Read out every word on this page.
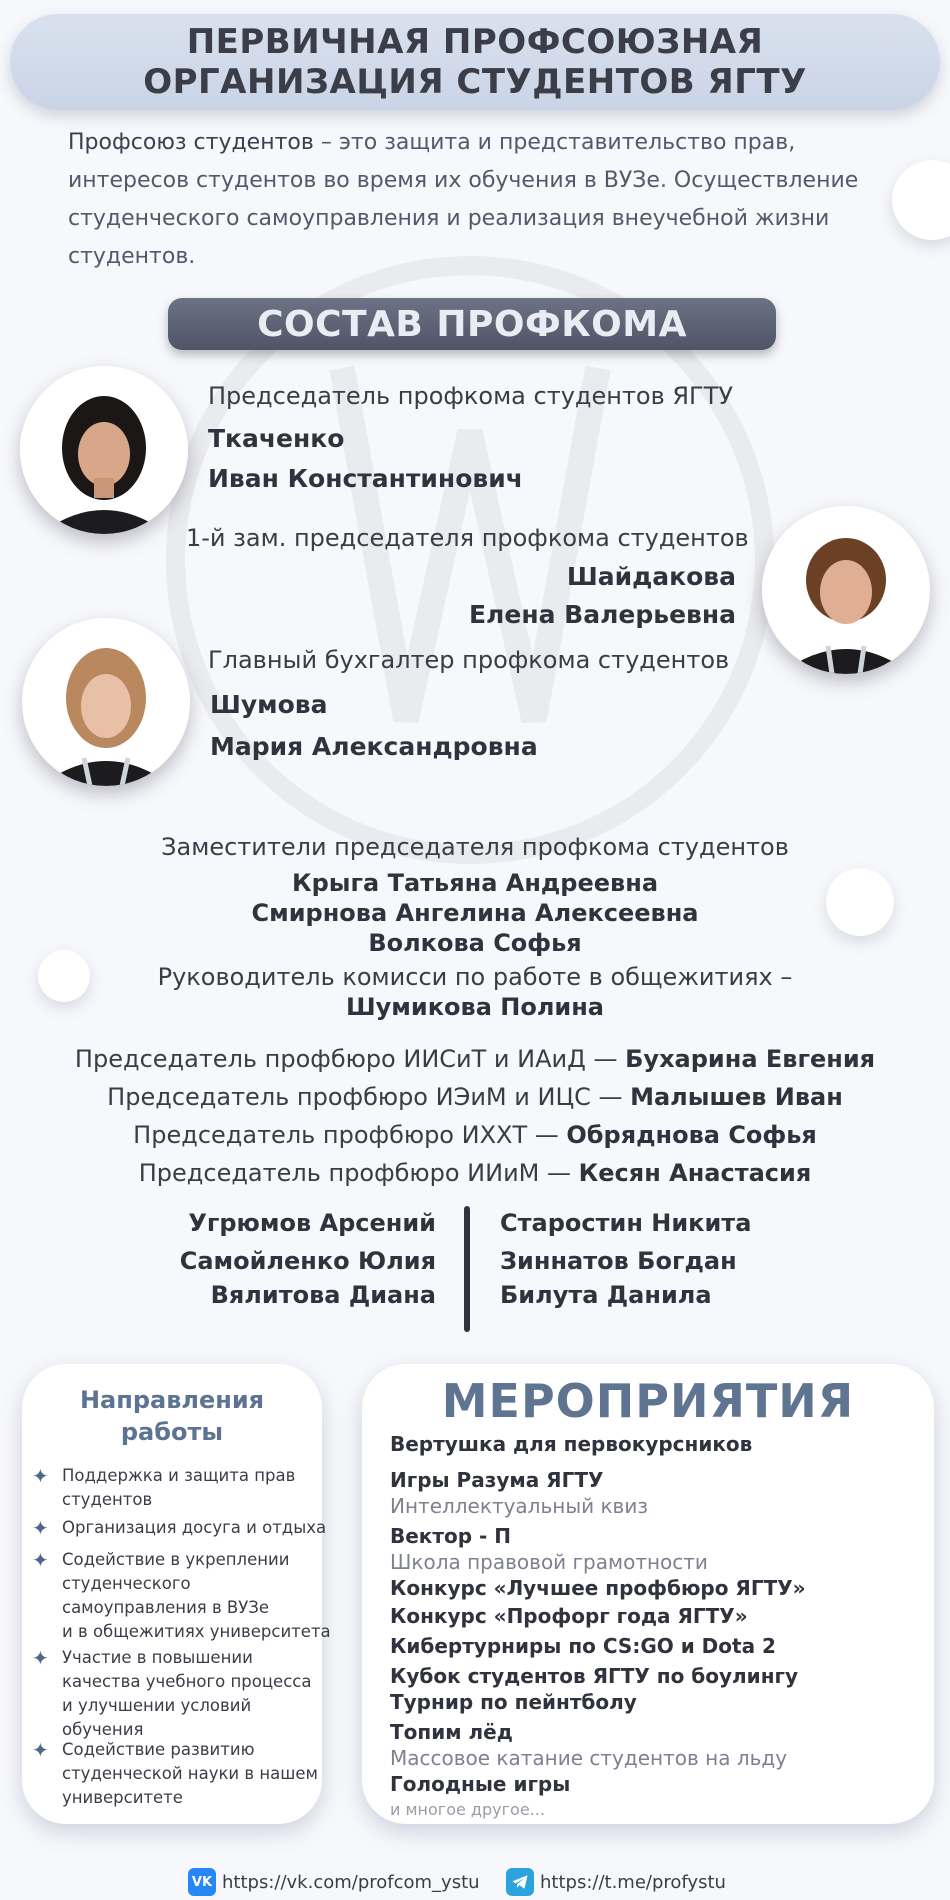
ПЕРВИЧНАЯ ПРОФСОЮЗНАЯ
ОРГАНИЗАЦИЯ СТУДЕНТОВ ЯГТУ
Профсоюз студентов – это защита и представительство прав, интересов студентов во время их обучения в ВУЗе. Осуществление студенческого самоуправления и реализация внеучебной жизни студентов.
СОСТАВ ПРОФКОМА
Председатель профкома студентов ЯГТУ
Ткаченко
Иван Константинович
1-й зам. председателя профкома студентов
Шайдакова
Елена Валерьевна
Главный бухгалтер профкома студентов
Шумова
Мария Александровна
Заместители председателя профкома студентов
Крыга Татьяна Андреевна
Смирнова Ангелина Алексеевна
Волкова Софья
Руководитель комисси по работе в общежитиях –
Шумикова Полина
Председатель профбюро ИИСиТ и ИАиД — Бухарина Евгения
Председатель профбюро ИЭиМ и ИЦС — Малышев Иван
Председатель профбюро ИХХТ — Обряднова Софья
Председатель профбюро ИИиМ — Кесян Анастасия
Угрюмов Арсений
Самойленко Юлия
Вялитова Диана
Старостин Никита
Зиннатов Богдан
Билута Данила
Направления
работы
✦ Поддержка и защита прав
студентов
✦ Организация досуга и отдыха
✦ Содействие в укреплении
студенческого
самоуправления в ВУЗе
и в общежитиях университета
✦ Участие в повышении
качества учебного процесса
и улучшении условий
обучения
✦ Содействие развитию
студенческой науки в нашем
университете
МЕРОПРИЯТИЯ
Вертушка для первокурсников
Игры Разума ЯГТУ
Интеллектуальный квиз
Вектор - П
Школа правовой грамотности
Конкурс «Лучшее профбюро ЯГТУ»
Конкурс «Профорг года ЯГТУ»
Кибертурниры по CS:GO и Dota 2
Кубок студентов ЯГТУ по боулингу
Турнир по пейнтболу
Топим лёд
Массовое катание студентов на льду
Голодные игры
и многое другое...
VK https://vk.com/profcom_ystu	https://t.me/profystu
